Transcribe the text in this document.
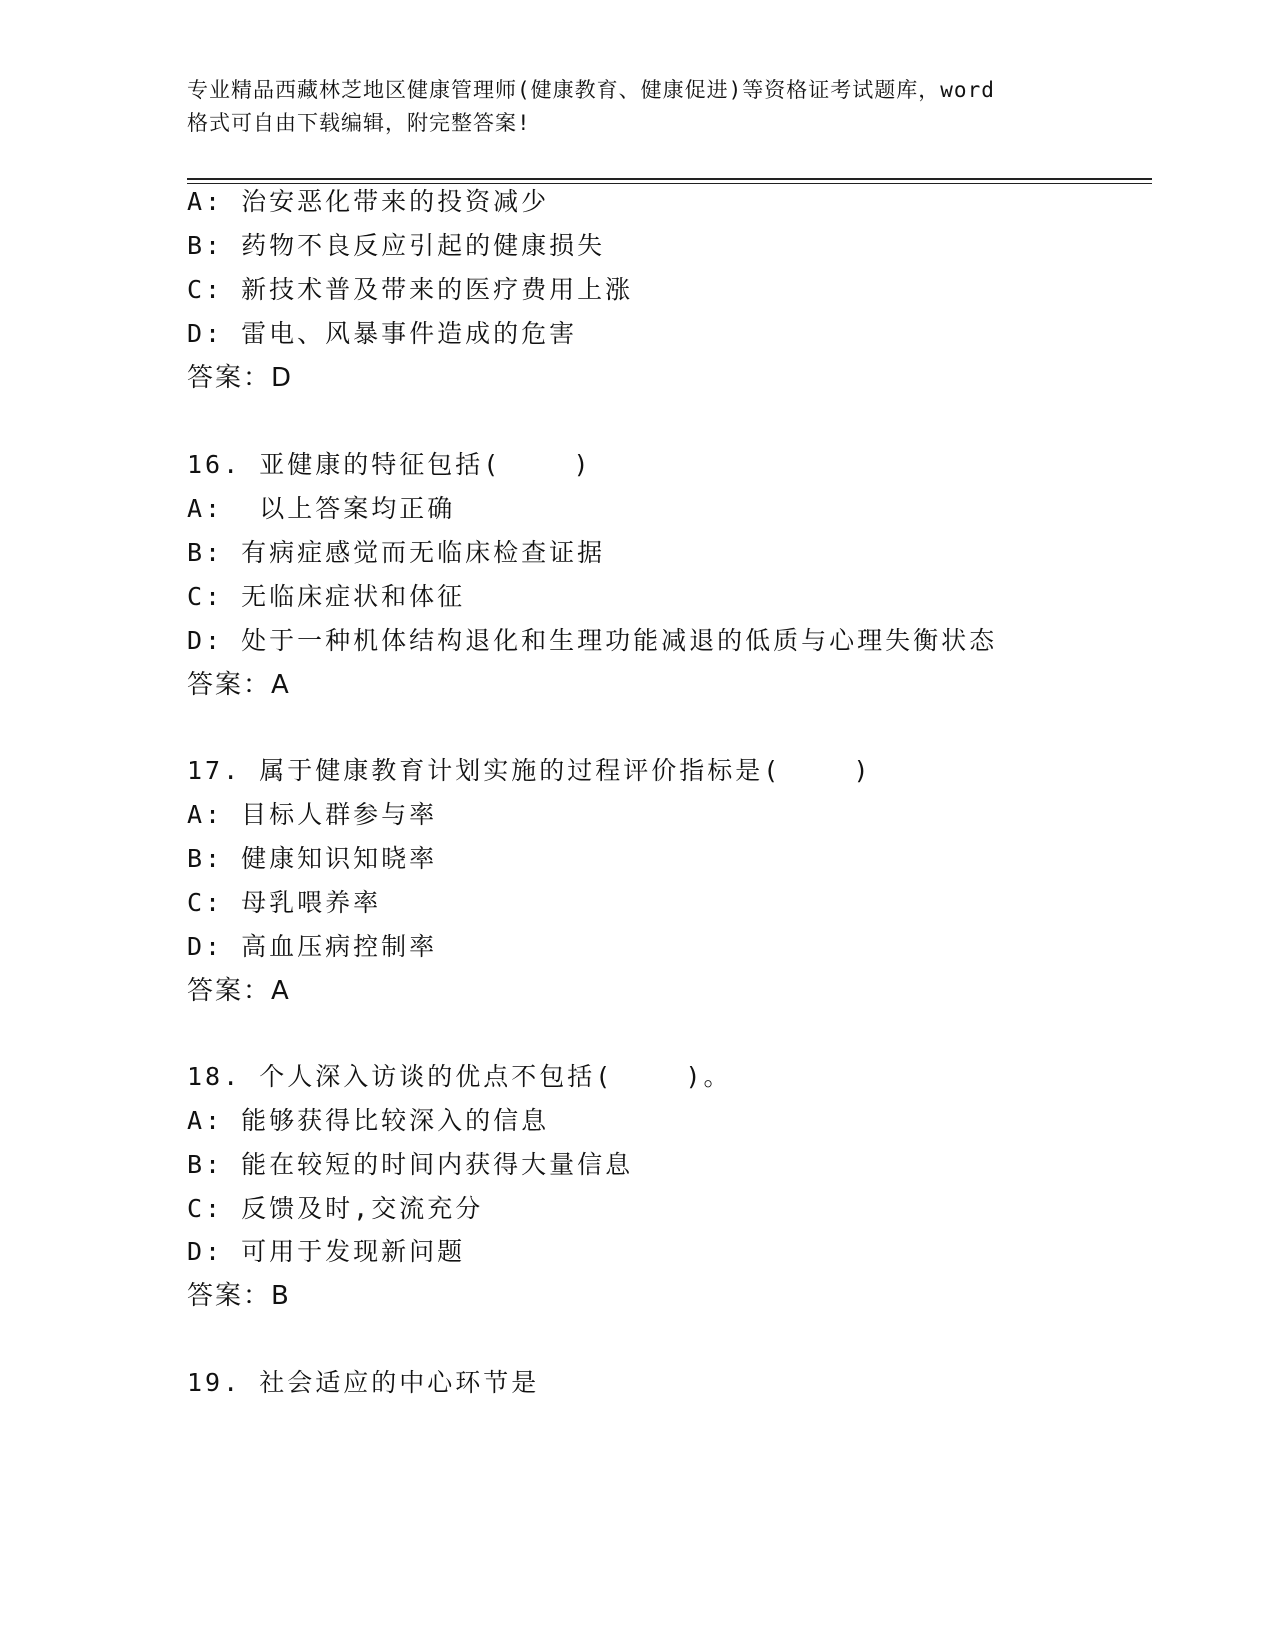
专业精品西藏林芝地区健康管理师(健康教育、健康促进)等资格证考试题库，word
格式可自由下载编辑，附完整答案!

A: 治安恶化带来的投资减少
B: 药物不良反应引起的健康损失
C: 新技术普及带来的医疗费用上涨
D: 雷电、风暴事件造成的危害
答案：D
16. 亚健康的特征包括(    )
A:  以上答案均正确
B: 有病症感觉而无临床检查证据
C: 无临床症状和体征
D: 处于一种机体结构退化和生理功能减退的低质与心理失衡状态
答案：A
17. 属于健康教育计划实施的过程评价指标是(    )
A: 目标人群参与率
B: 健康知识知晓率
C: 母乳喂养率
D: 高血压病控制率
答案：A
18. 个人深入访谈的优点不包括(    )。
A: 能够获得比较深入的信息
B: 能在较短的时间内获得大量信息
C: 反馈及时,交流充分
D: 可用于发现新问题
答案：B
19. 社会适应的中心环节是
